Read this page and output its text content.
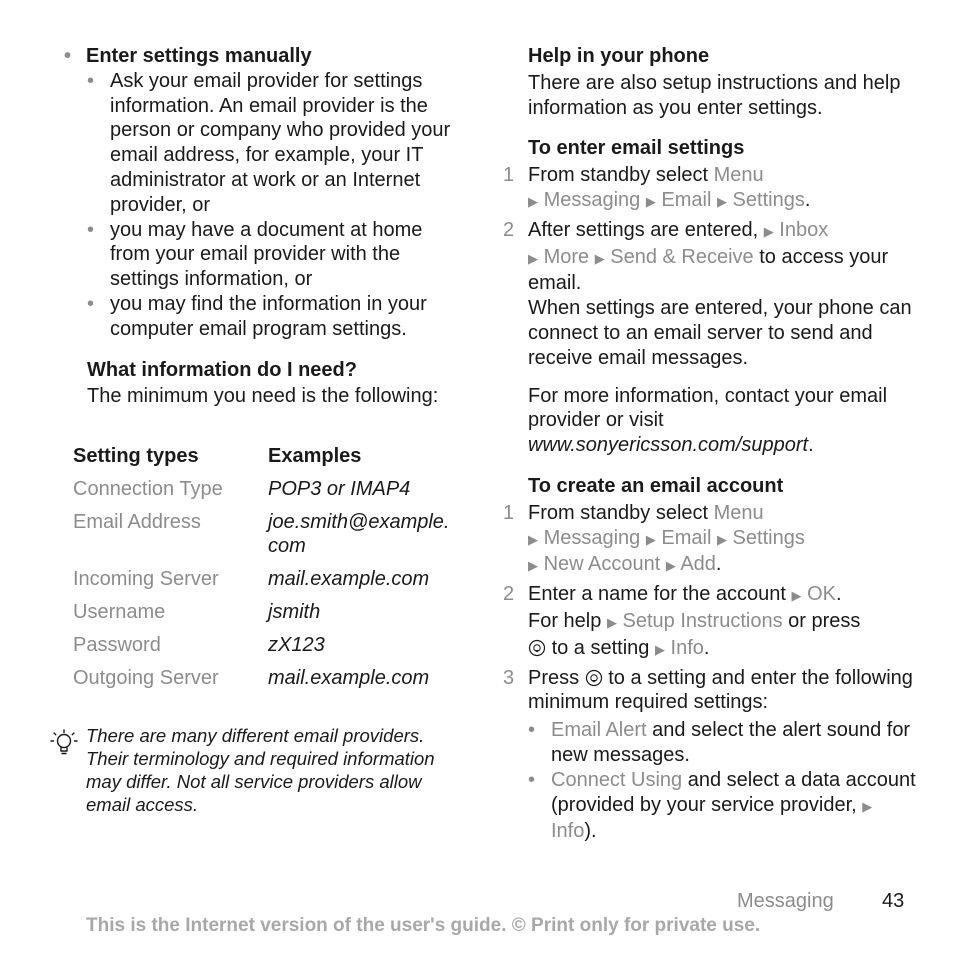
• Enter settings manually
• Ask your email provider for settings information. An email provider is the person or company who provided your email address, for example, your IT administrator at work or an Internet provider, or
• you may have a document at home from your email provider with the settings information, or
• you may find the information in your computer email program settings.
What information do I need?
The minimum you need is the following:
Setting types	Examples
Connection Type	POP3 or IMAP4
Email Address	joe.smith@example. com
Incoming Server	mail.example.com
Username	jsmith
Password	zX123
Outgoing Server	mail.example.com
There are many different email providers. Their terminology and required information may differ. Not all service providers allow email access.
Help in your phone
There are also setup instructions and help information as you enter settings.
To enter email settings
1 From standby select Menu
▶ Messaging ▶ Email ▶ Settings.
2 After settings are entered, ▶ Inbox
▶ More ▶ Send & Receive to access your email.
When settings are entered, your phone can connect to an email server to send and receive email messages.
For more information, contact your email provider or visit www.sonyericsson.com/support.
To create an email account
1 From standby select Menu
▶ Messaging ▶ Email ▶ Settings
▶ New Account ▶ Add.
2 Enter a name for the account ▶ OK.
For help ▶ Setup Instructions or press
to a setting ▶ Info.
3 Press to a setting and enter the following minimum required settings:
• Email Alert and select the alert sound for new messages.
• Connect Using and select a data account (provided by your service provider, ▶ Info).
Messaging 43
This is the Internet version of the user's guide. © Print only for private use.
